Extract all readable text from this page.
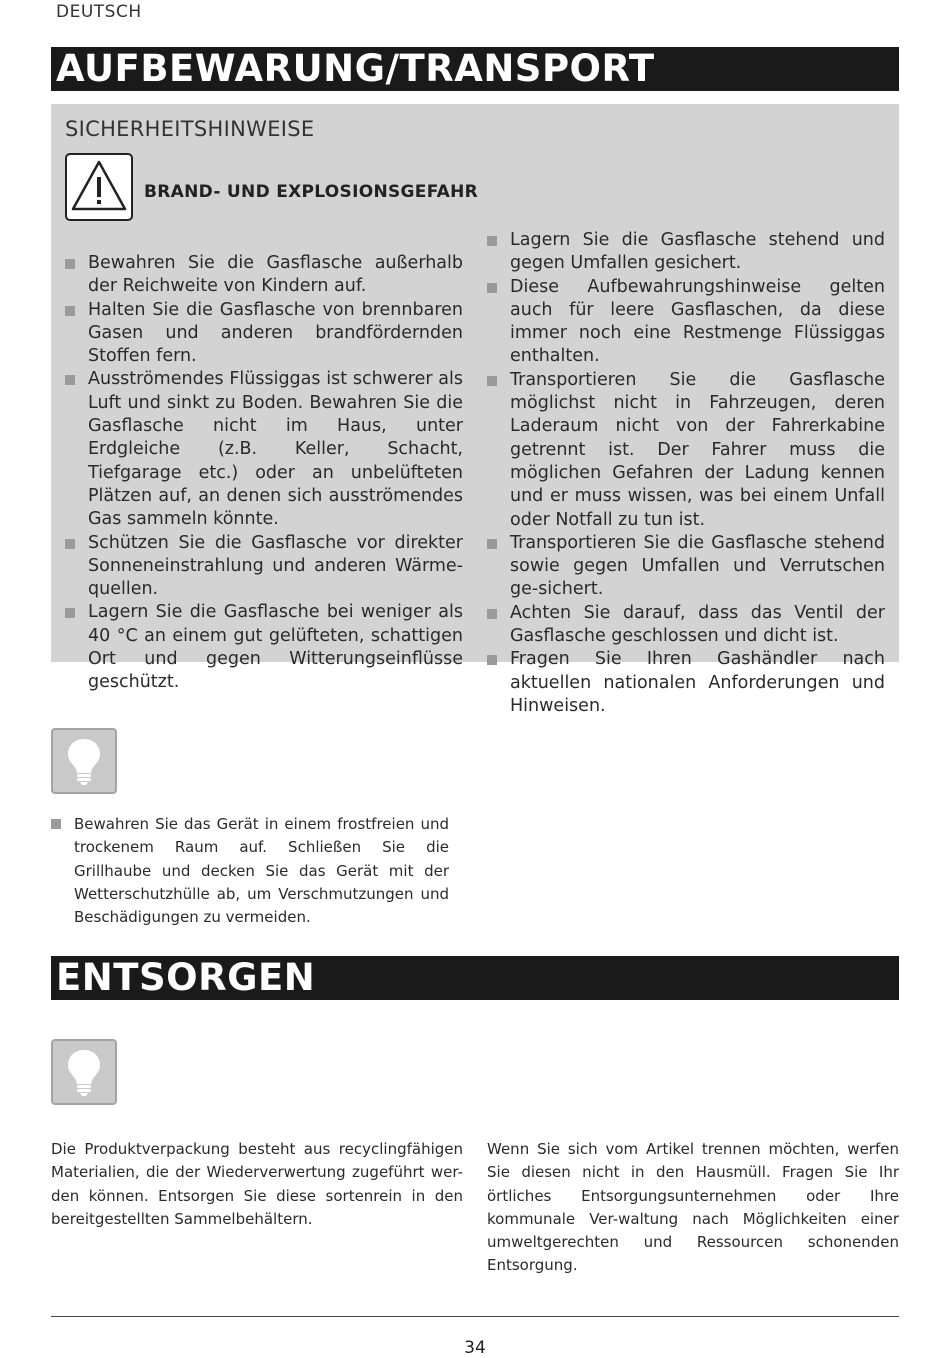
DEUTSCH
AUFBEWARUNG/TRANSPORT
SICHERHEITSHINWEISE
BRAND- UND EXPLOSIONSGEFAHR
Bewahren Sie die Gasflasche außerhalb der Reichweite von Kindern auf.
Halten Sie die Gasflasche von brennbaren Gasen und anderen brandfördernden Stoffen fern.
Ausströmendes Flüssiggas ist schwerer als Luft und sinkt zu Boden. Bewahren Sie die Gasflasche nicht im Haus, unter Erdgleiche (z.B. Keller, Schacht, Tiefgarage etc.) oder an unbelüfteten Plätzen auf, an denen sich ausströmendes Gas sammeln könnte.
Schützen Sie die Gasflasche vor direkter Sonneneinstrahlung und anderen Wärme-quellen.
Lagern Sie die Gasflasche bei weniger als 40 °C an einem gut gelüfteten, schattigen Ort und gegen Witterungseinflüsse geschützt.
Lagern Sie die Gasflasche stehend und gegen Umfallen gesichert.
Diese Aufbewahrungshinweise gelten auch für leere Gasflaschen, da diese immer noch eine Restmenge Flüssiggas enthalten.
Transportieren Sie die Gasflasche möglichst nicht in Fahrzeugen, deren Laderaum nicht von der Fahrerkabine getrennt ist. Der Fahrer muss die möglichen Gefahren der Ladung kennen und er muss wissen, was bei einem Unfall oder Notfall zu tun ist.
Transportieren Sie die Gasflasche stehend sowie gegen Umfallen und Verrutschen ge-sichert.
Achten Sie darauf, dass das Ventil der Gasflasche geschlossen und dicht ist.
Fragen Sie Ihren Gashändler nach aktuellen nationalen Anforderungen und Hinweisen.
Bewahren Sie das Gerät in einem frostfreien und trockenem Raum auf. Schließen Sie die Grillhaube und decken Sie das Gerät mit der Wetterschutzhülle ab, um Verschmutzungen und Beschädigungen zu vermeiden.
ENTSORGEN
Die Produktverpackung besteht aus recyclingfähigen Materialien, die der Wiederverwertung zugeführt wer-den können. Entsorgen Sie diese sortenrein in den bereitgestellten Sammelbehältern.
Wenn Sie sich vom Artikel trennen möchten, werfen Sie diesen nicht in den Hausmüll. Fragen Sie Ihr örtliches Entsorgungsunternehmen oder Ihre kommunale Ver-waltung nach Möglichkeiten einer umweltgerechten und Ressourcen schonenden Entsorgung.
34
